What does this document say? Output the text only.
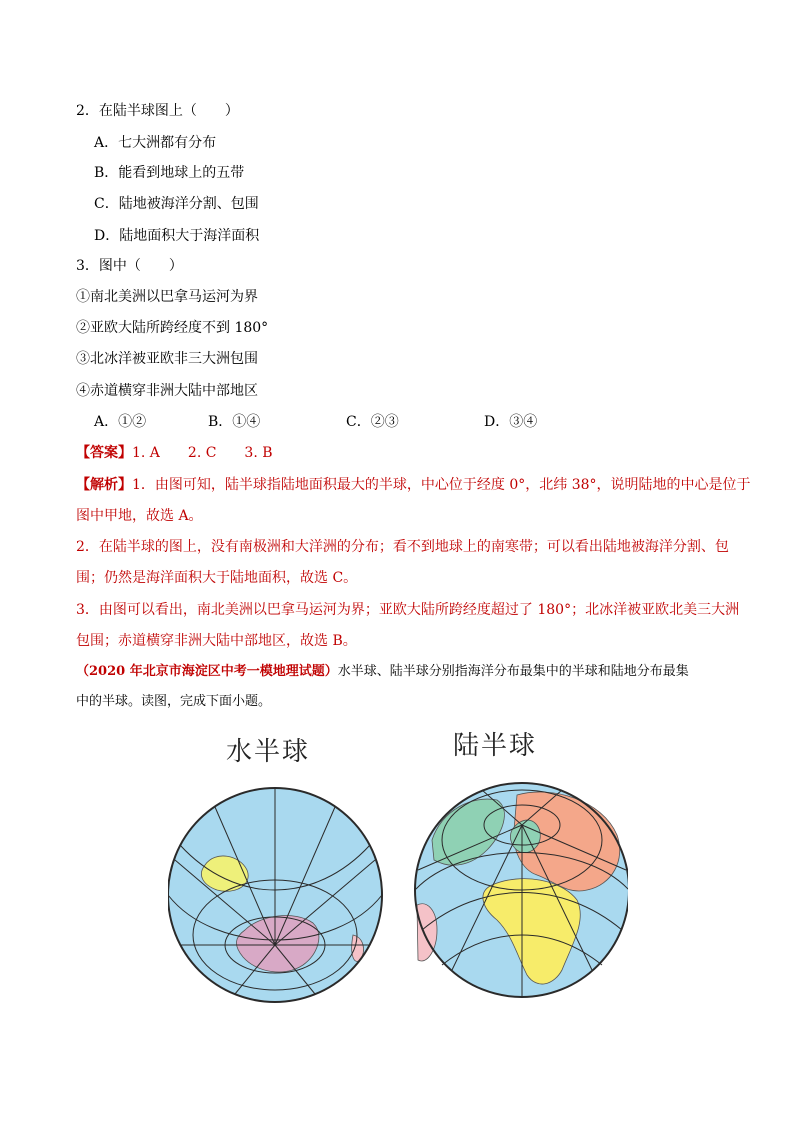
2．在陆半球图上（　　）
A．七大洲都有分布
B．能看到地球上的五带
C．陆地被海洋分割、包围
D．陆地面积大于海洋面积
3．图中（　　）
①南北美洲以巴拿马运河为界
②亚欧大陆所跨经度不到 180°
③北冰洋被亚欧非三大洲包围
④赤道横穿非洲大陆中部地区
A．①②	B．①④	C．②③	D．③④
【答案】1. A　　2. C　　3. B
【解析】1．由图可知，陆半球指陆地面积最大的半球，中心位于经度 0°，北纬 38°，说明陆地的中心是位于
图中甲地，故选 A。
2．在陆半球的图上，没有南极洲和大洋洲的分布；看不到地球上的南寒带；可以看出陆地被海洋分割、包
围；仍然是海洋面积大于陆地面积，故选 C。
3．由图可以看出，南北美洲以巴拿马运河为界；亚欧大陆所跨经度超过了 180°；北冰洋被亚欧北美三大洲
包围；赤道横穿非洲大陆中部地区，故选 B。
（2020 年北京市海淀区中考一模地理试题）水半球、陆半球分别指海洋分布最集中的半球和陆地分布最集
中的半球。读图，完成下面小题。
水半球	陆半球
